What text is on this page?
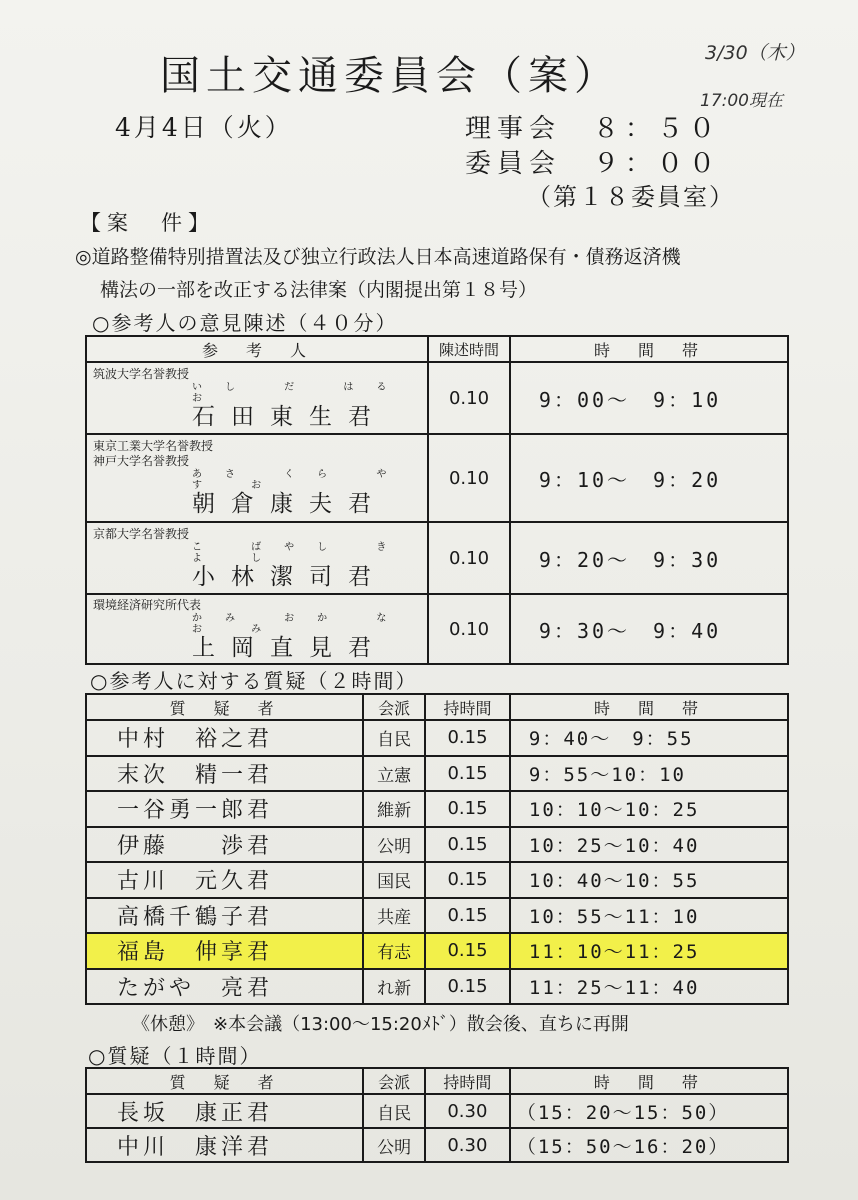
国土交通委員会（案）	3/30（木）
17:00現在
4月4日（火）	理事会　８：５０
委員会　９：００
（第１８委員室）
【案　件】
◎道路整備特別措置法及び独立行政法人日本高速道路保有・債務返済機
構法の一部を改正する法律案（内閣提出第１８号）
○参考人の意見陳述（４０分）
参　考　人	陳述時間	時　間　帯

筑波大学名誉教授
いし だ はる お
石田東生君	0.10	9：00～　9：10

東京工業大学名誉教授
神戸大学名誉教授
あさ くら やす お
朝倉康夫君	0.10	9：10～　9：20

京都大学名誉教授
こ ばやし きよ し
小林潔司君	0.10	9：20～　9：30

環境経済研究所代表
かみ おか なお み
上岡直見君	0.10	9：30～　9：40
○参考人に対する質疑（２時間）
質　疑　者	会派	持時間	時　間　帯
中村　裕之君	自民	0.15	9：40～　9：55
末次　精一君	立憲	0.15	9：55～10：10
一谷勇一郎君	維新	0.15	10：10～10：25
伊藤　　渉君	公明	0.15	10：25～10：40
古川　元久君	国民	0.15	10：40～10：55
高橋千鶴子君	共産	0.15	10：55～11：10
福島　伸享君	有志	0.15	11：10～11：25
たがや　亮君	れ新	0.15	11：25～11：40
《休憩》　※本会議（13:00～15:20ﾒﾄﾞ）散会後、直ちに再開
○質疑（１時間）
質　疑　者	会派	持時間	時　間　帯
長坂　康正君	自民	0.30	（15：20～15：50）
中川　康洋君	公明	0.30	（15：50～16：20）
